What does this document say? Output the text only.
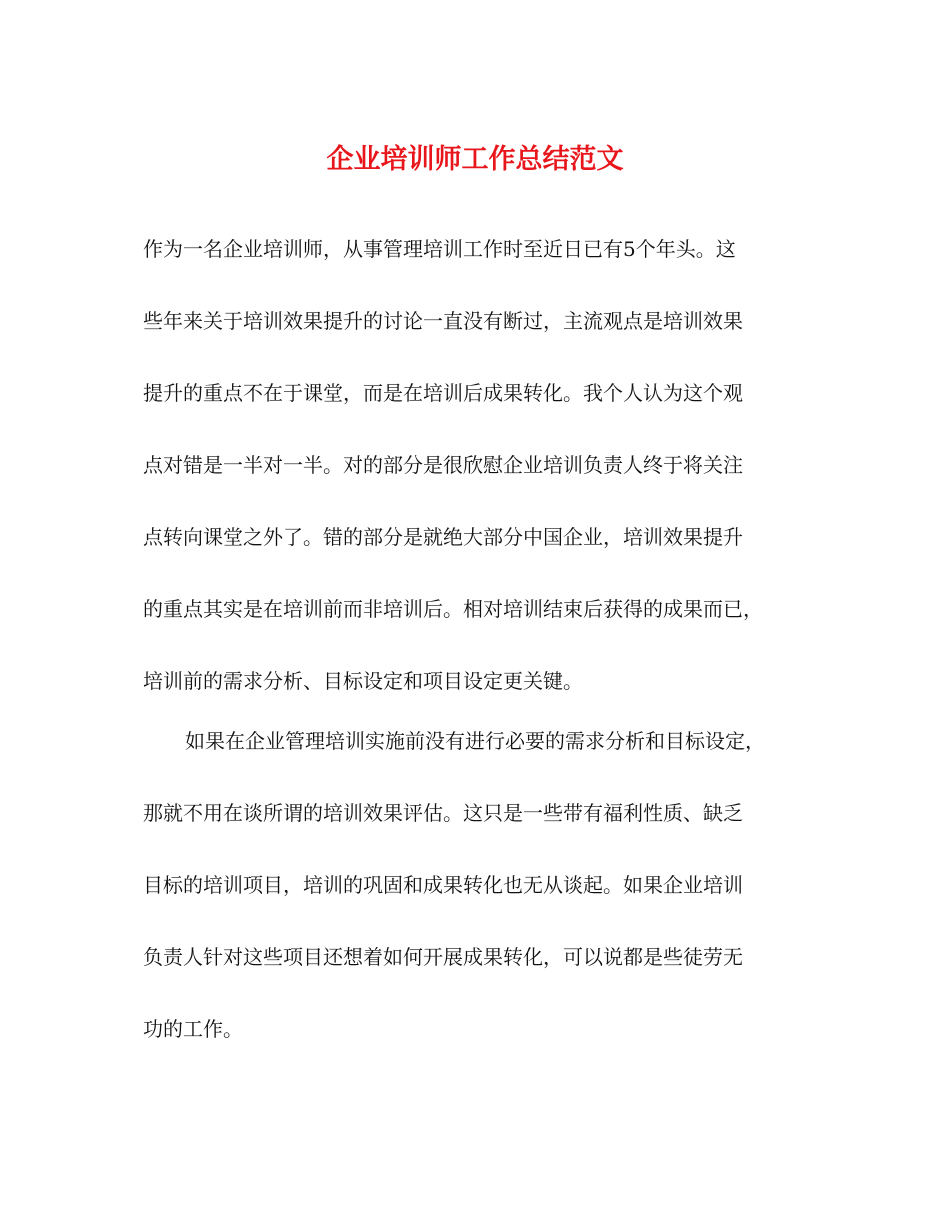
企业培训师工作总结范文

作为一名企业培训师，从事管理培训工作时至近日已有5个年头。这
些年来关于培训效果提升的讨论一直没有断过，主流观点是培训效果
提升的重点不在于课堂，而是在培训后成果转化。我个人认为这个观
点对错是一半对一半。对的部分是很欣慰企业培训负责人终于将关注
点转向课堂之外了。错的部分是就绝大部分中国企业，培训效果提升
的重点其实是在培训前而非培训后。相对培训结束后获得的成果而已，
培训前的需求分析、目标设定和项目设定更关键。

如果在企业管理培训实施前没有进行必要的需求分析和目标设定，
那就不用在谈所谓的培训效果评估。这只是一些带有福利性质、缺乏
目标的培训项目，培训的巩固和成果转化也无从谈起。如果企业培训
负责人针对这些项目还想着如何开展成果转化，可以说都是些徒劳无
功的工作。
